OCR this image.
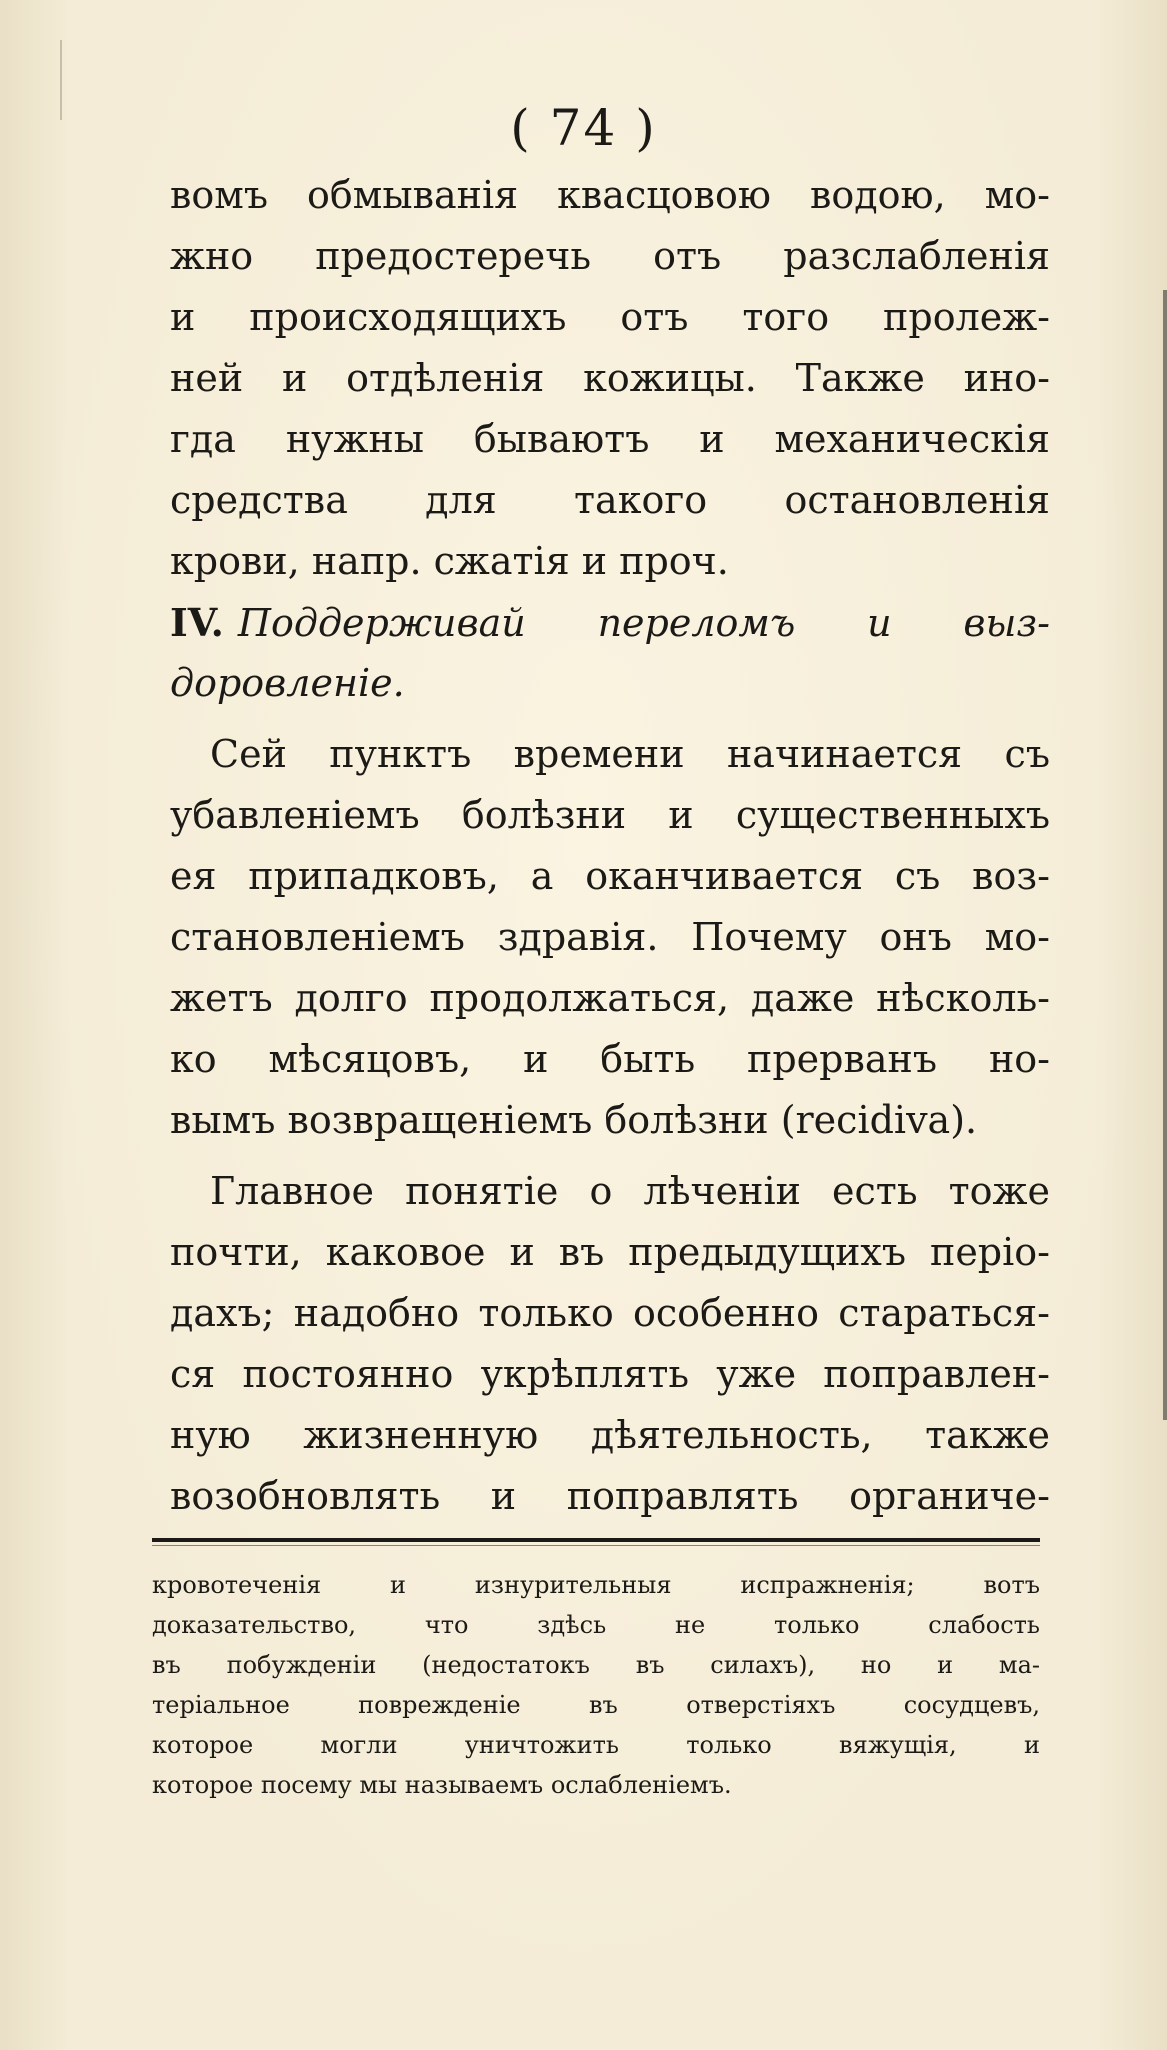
( 74 )
вомъ обмыванія квасцовою водою, мо-
жно предостеречь отъ разслабленія
и происходящихъ отъ того пролеж-
ней и отдѣленія кожицы. Также ино-
гда нужны бываютъ и механическія
средства для такого остановленія
крови, напр. сжатія и проч.
IV. Поддерживай переломъ и выз-
доровленіе.
Сей пунктъ времени начинается съ
убавленіемъ болѣзни и существенныхъ
ея припадковъ, а оканчивается съ воз-
становленіемъ здравія. Почему онъ мо-
жетъ долго продолжаться, даже нѣсколь-
ко мѣсяцовъ, и быть прерванъ но-
вымъ возвращеніемъ болѣзни (recidiva).
Главное понятіе о лѣченіи есть тоже
почти, каковое и въ предыдущихъ періо-
дахъ; надобно только особенно стараться-
ся постоянно укрѣплять уже поправлен-
ную жизненную дѣятельность, также
возобновлять и поправлять органиче-
кровотеченія и изнурительныя испражненія; вотъ
доказательство, что здѣсь не только слабость
въ побужденіи (недостатокъ въ силахъ), но и ма-
теріальное поврежденіе въ отверстіяхъ сосудцевъ,
которое могли уничтожить только вяжущія, и
которое посему мы называемъ ослабленіемъ.
